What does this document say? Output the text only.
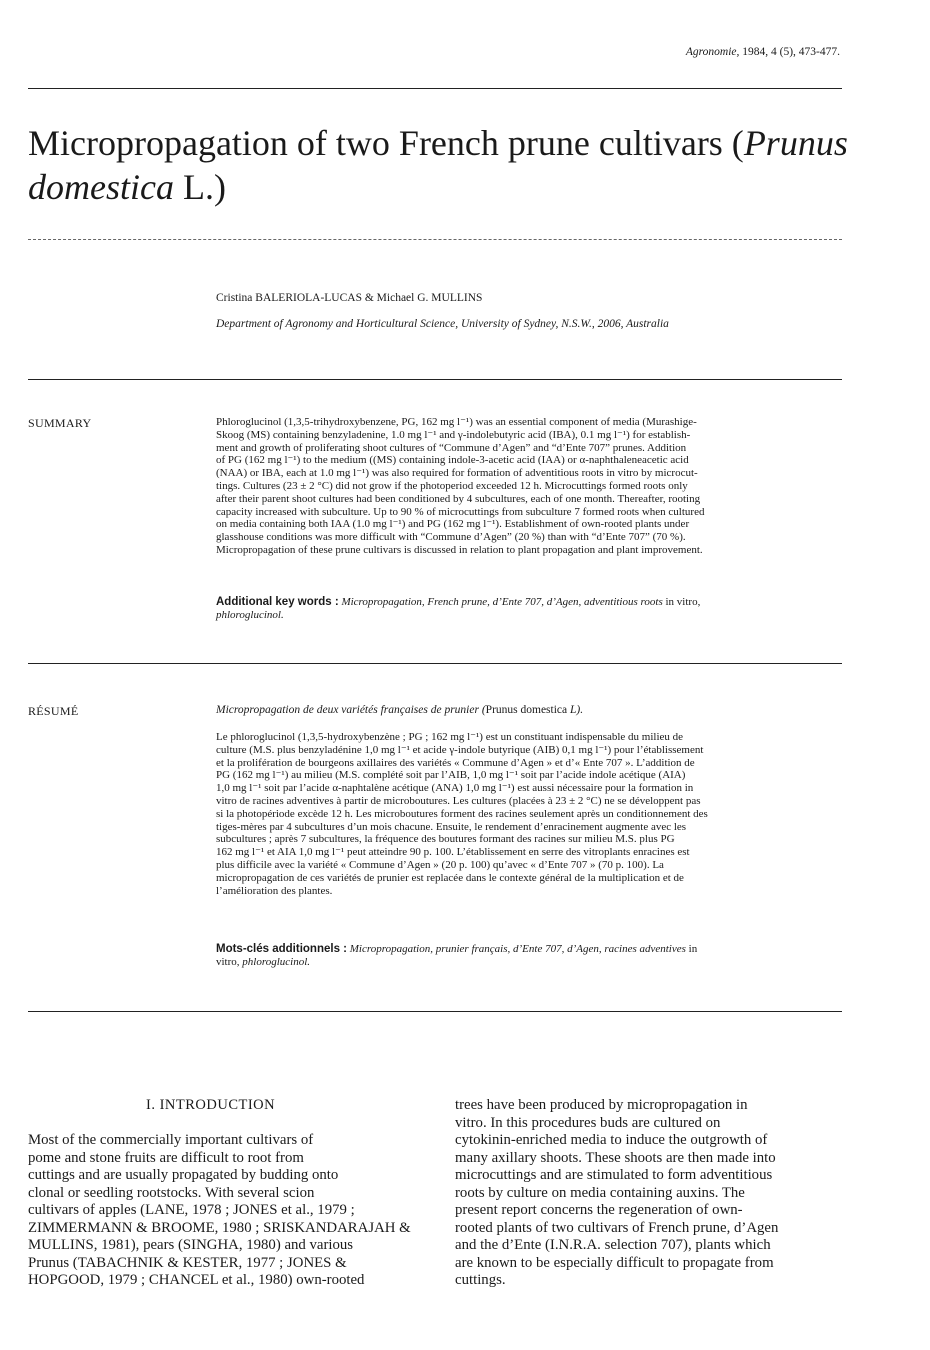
Agronomie, 1984, 4 (5), 473-477.
Micropropagation of two French prune cultivars (Prunus
domestica L.)
Cristina BALERIOLA-LUCAS & Michael G. MULLINS
Department of Agronomy and Horticultural Science, University of Sydney, N.S.W., 2006, Australia
SUMMARY	Phloroglucinol (1,3,5-trihydroxybenzene, PG, 162 mg l⁻¹) was an essential component of media (Murashige-
Skoog (MS) containing benzyladenine, 1.0 mg l⁻¹ and γ-indolebutyric acid (IBA), 0.1 mg l⁻¹) for establish-
ment and growth of proliferating shoot cultures of “Commune d’Agen” and “d’Ente 707” prunes. Addition
of PG (162 mg l⁻¹) to the medium ((MS) containing indole-3-acetic acid (IAA) or α-naphthaleneacetic acid
(NAA) or IBA, each at 1.0 mg l⁻¹) was also required for formation of adventitious roots in vitro by microcut-
tings. Cultures (23 ± 2 °C) did not grow if the photoperiod exceeded 12 h. Microcuttings formed roots only
after their parent shoot cultures had been conditioned by 4 subcultures, each of one month. Thereafter, rooting
capacity increased with subculture. Up to 90 % of microcuttings from subculture 7 formed roots when cultured
on media containing both IAA (1.0 mg l⁻¹) and PG (162 mg l⁻¹). Establishment of own-rooted plants under
glasshouse conditions was more difficult with “Commune d’Agen” (20 %) than with “d’Ente 707” (70 %).
Micropropagation of these prune cultivars is discussed in relation to plant propagation and plant improvement.
Additional key words : Micropropagation, French prune, d’Ente 707, d’Agen, adventitious roots in vitro,
phloroglucinol.
RÉSUMÉ	Micropropagation de deux variétés françaises de prunier (Prunus domestica L).
Le phloroglucinol (1,3,5-hydroxybenzène ; PG ; 162 mg l⁻¹) est un constituant indispensable du milieu de
culture (M.S. plus benzyladénine 1,0 mg l⁻¹ et acide γ-indole butyrique (AIB) 0,1 mg l⁻¹) pour l’établissement
et la prolifération de bourgeons axillaires des variétés « Commune d’Agen » et d’« Ente 707 ». L’addition de
PG (162 mg l⁻¹) au milieu (M.S. complété soit par l’AIB, 1,0 mg l⁻¹ soit par l’acide indole acétique (AIA)
1,0 mg l⁻¹ soit par l’acide α-naphtalène acétique (ANA) 1,0 mg l⁻¹) est aussi nécessaire pour la formation in
vitro de racines adventives à partir de microboutures. Les cultures (placées à 23 ± 2 °C) ne se développent pas
si la photopériode excède 12 h. Les microboutures forment des racines seulement après un conditionnement des
tiges-mères par 4 subcultures d’un mois chacune. Ensuite, le rendement d’enracinement augmente avec les
subcultures ; après 7 subcultures, la fréquence des boutures formant des racines sur milieu M.S. plus PG
162 mg l⁻¹ et AIA 1,0 mg l⁻¹ peut atteindre 90 p. 100. L’établissement en serre des vitroplants enracines est
plus difficile avec la variété « Commune d’Agen » (20 p. 100) qu’avec « d’Ente 707 » (70 p. 100). La
micropropagation de ces variétés de prunier est replacée dans le contexte général de la multiplication et de
l’amélioration des plantes.
Mots-clés additionnels : Micropropagation, prunier français, d’Ente 707, d’Agen, racines adventives in
vitro, phloroglucinol.
I. INTRODUCTION
Most of the commercially important cultivars of
pome and stone fruits are difficult to root from
cuttings and are usually propagated by budding onto
clonal or seedling rootstocks. With several scion
cultivars of apples (LANE, 1978 ; JONES et al., 1979 ;
ZIMMERMANN & BROOME, 1980 ; SRISKANDARAJAH &
MULLINS, 1981), pears (SINGHA, 1980) and various
Prunus (TABACHNIK & KESTER, 1977 ; JONES &
HOPGOOD, 1979 ; CHANCEL et al., 1980) own-rooted
trees have been produced by micropropagation in
vitro. In this procedures buds are cultured on
cytokinin-enriched media to induce the outgrowth of
many axillary shoots. These shoots are then made into
microcuttings and are stimulated to form adventitious
roots by culture on media containing auxins. The
present report concerns the regeneration of own-
rooted plants of two cultivars of French prune, d’Agen
and the d’Ente (I.N.R.A. selection 707), plants which
are known to be especially difficult to propagate from
cuttings.
